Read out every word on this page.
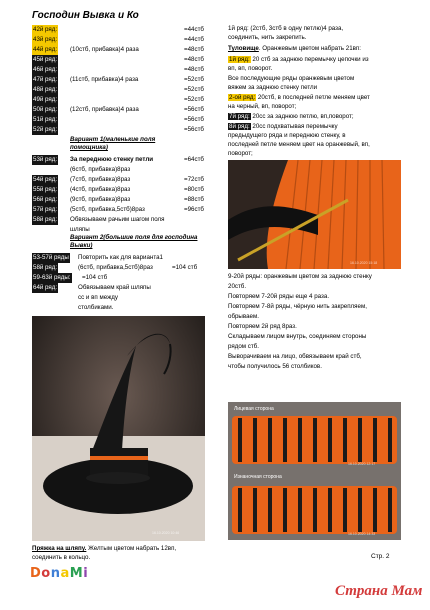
Господин Вывка и Ко
42й ряд:	=44стб
43й ряд:	=44стб
44й ряд: (10стб, прибавка)4 раза	=48стб
45й ряд:	=48стб
46й ряд:	=48стб
47й ряд: (11стб, прибавка)4 раза	=52стб
48й ряд:	=52стб
49й ряд:	=52стб
50й ряд: (12стб, прибавка)4 раза	=56стб
51й ряд:	=56стб
52й ряд:	=56стб
Вариант 1(маленькие поля помощника)
53й ряд: За переднюю стенку петли	=64стб
(6стб, прибавка)8раз
54й ряд: (7стб, прибавка)8раз	=72стб
55й ряд: (4стб, прибавка)8раз	=80стб
56й ряд: (9стб, прибавка)8раз	=88стб
57й ряд: (5стб, прибавка,5стб)8раз	=96стб
58й ряд: Обвязываем рачьим шагом поля
шляпы
Вариант 2(большие поля для господина Вывки)
53-57й ряды Повторить как для варианта1
58й ряд:	(6стб, прибавка,5стб)8раз	=104 стб
59-63й ряды: =104 стб
64й ряд:	Обвязываем край шляпы
сс и вп между
столбиками.
16.10.2020 10:46
Пряжка на шляпу. Желтым цветом набрать 12вп,
соединить в кольцо.
DonaMi
1й ряд: (2стб, 3стб в одну петлю)4 раза,
соединить, нить закрепить.
Туловище. Оранжевым цветом набрать 21вп:
1й ряд: 20 стб за заднюю перемычку цепочки из
вп, вп, поворот.
Все последующие ряды оранжевым цветом
вяжем за заднюю стенку петли
2-ой ряд: 20стб, в последней петле меняем цвет
на черный, вп, поворот;
7й ряд: 20сс за заднюю петлю, вп,поворот;
8й ряд: 20сс подхватывая перемычку
предыдущего ряда и переднюю стенку, в
последней петле меняем цвет на оранжевый, вп,
поворот;
16.10.2020 15:18
9-20й ряды: оранжевым цветом за заднюю стенку
20стб.
Повторяем 7-20й ряды еще 4 раза.
Повторяем 7-8й ряды, чёрную нить закрепляем,
обрываем.
Повторяем 2й ряд 8раз.
Складываем лицом внутрь, соединяем стороны
рядом стб.
Выворачиваем на лицо, обвязываем край стб,
чтобы получилось 56 столбиков.
Лицевая сторона
Изнаночная сторона
16.10.2020 12:17
16.10.2020 14:33
Стр. 2
Страна Мам
